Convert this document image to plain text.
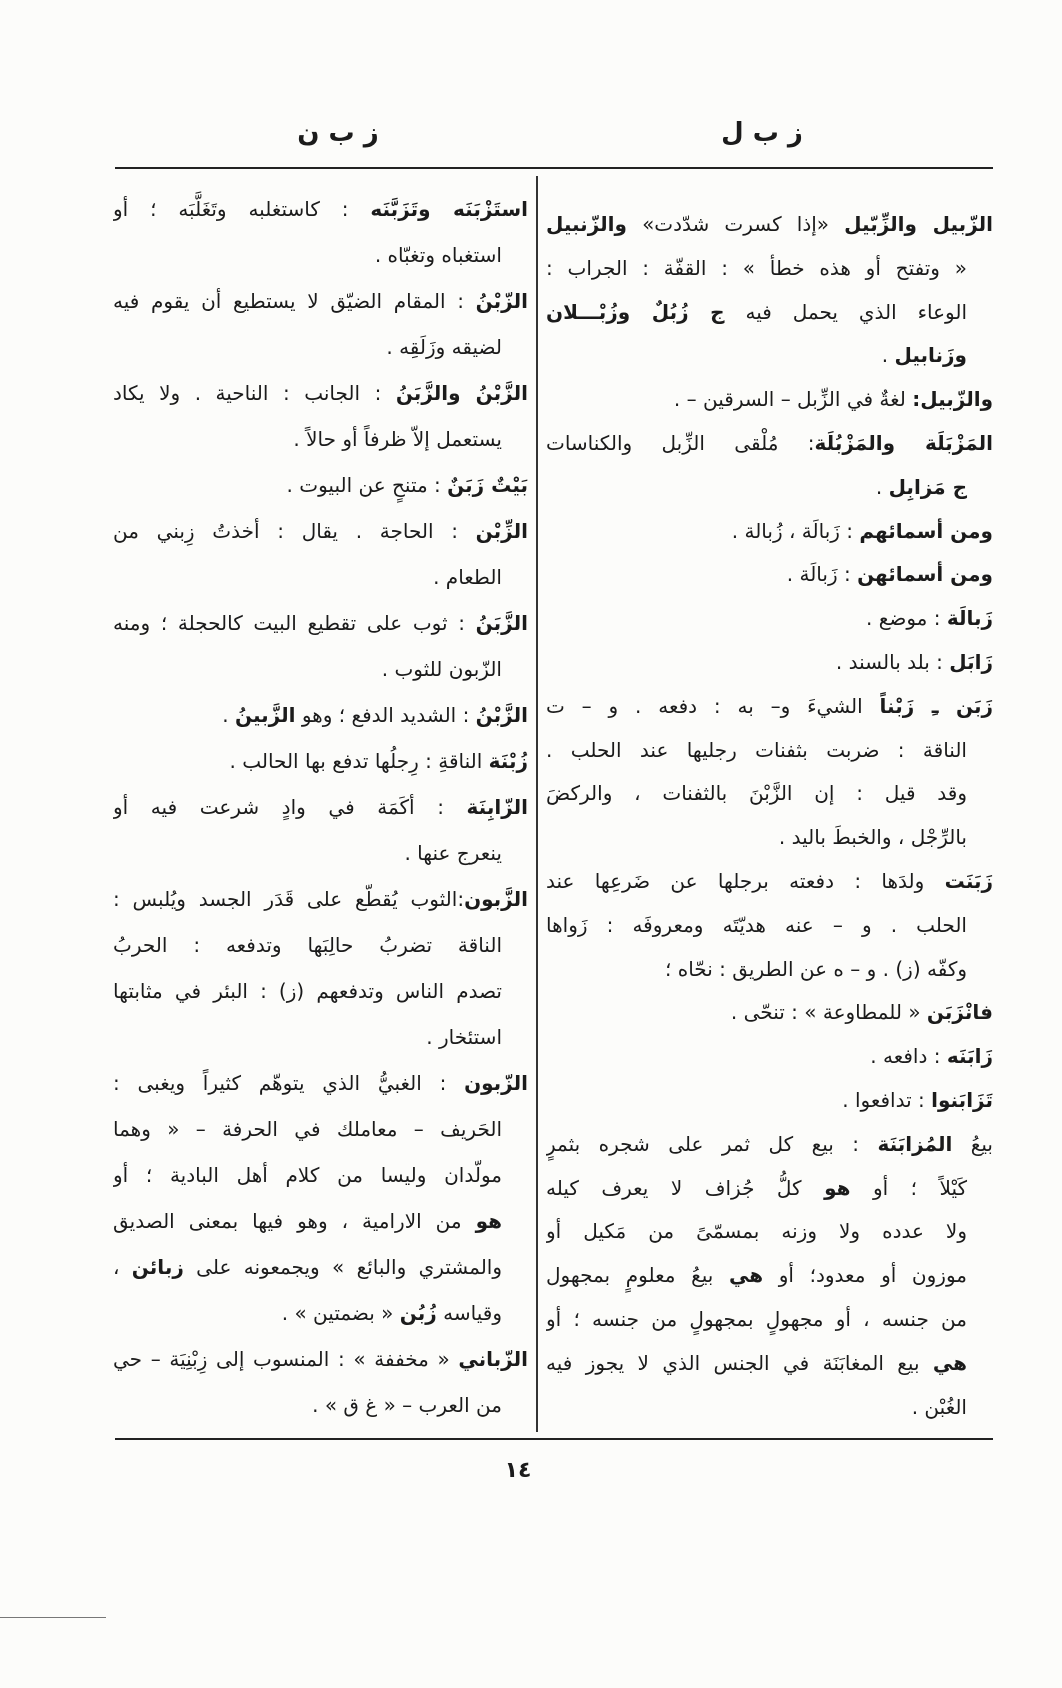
ز ب ل
ز ب ن
الزّبيل والزِّبّيل «إذا كسرت شدّدت» والزّنبيل
« وتفتح أو هذه خطأ » : القفّة : الجراب :
الوعاء الذي يحمل فيه ج زُبُلٌ وزُبْـــلان
وزَنابيل .
والزّبيل: لغةٌ في الزِّبل – السرقين – .
المَزْبَلَة والمَزْبُلَة: مُلْقى الزِّبل والكناسات
ج مَزابِل .
ومن أسمائهم : زَبالَة ، زُبالة .
ومن أسمائهن : زَبالَة .
زَبالَة : موضع .
زَابَل : بلد بالسند .
زَبَن ـِ زَبْناً الشيءَ و– به : دفعه . و – ت
الناقة : ضربت بثفنات رجليها عند الحلب .
وقد قيل : إن الزَّبْنَ بالثفنات ، والركضَ
بالرِّجْل ، والخبطَ باليد .
زَبَنَت ولدَها : دفعته برجلها عن ضَرعِها عند
الحلب . و – عنه هديّتَه ومعروفَه : زَواها
وكفّه (ز) . و – ه عن الطريق : نحّاه ؛
فانْزَبَن « للمطاوعة » : تنحّى .
زَابَنَه : دافعه .
تَزَابَنوا : تدافعوا .
بيعُ المُزابَنَة : بيع كل ثمر على شجره بثمرٍ
كَيْلاً ؛ أو هو كلُّ جُزاف لا يعرف كيله
ولا عدده ولا وزنه بمسمّىً من مَكيل أو
موزون أو معدود؛ أو هي بيعُ معلومٍ بمجهول
من جنسه ، أو مجهولٍ بمجهولٍ من جنسه ؛ أو
هي بيع المغابَنَة في الجنس الذي لا يجوز فيه
الغُبْن .
استَزْبَنَه وتَزَبَّنَه : كاستغلبه وتَغَلَّبَه ؛ أو
استغباه وتغبّاه .
الزّبْنُ : المقام الضيّق لا يستطيع أن يقوم فيه
لضيقه وزَلَقِه .
الزَّبْنُ والزَّبَنُ : الجانب : الناحية . ولا يكاد
يستعمل إلاّ ظرفاً أو حالاً .
بَيْتٌ زَبَنٌ : متنحٍ عن البيوت .
الزِّبْن : الحاجة . يقال : أخذتُ زِبني من
الطعام .
الزَّبَنُ : ثوب على تقطيع البيت كالحجلة ؛ ومنه
الزّبون للثوب .
الزَّبْنُ : الشديد الدفع ؛ وهو الزَّبينُ .
زُبْنَة الناقةِ : رِجلُها تدفع بها الحالب .
الزّابِنَة : أكَمَة في وادٍ شرعت فيه أو
ينعرج عنها .
الزَّبون:الثوب يُقطّع على قَدَر الجسد ويُلبس :
الناقة تضربُ حالِبَها وتدفعه : الحربُ
تصدم الناس وتدفعهم (ز) : البئر في مثابتها
استئخار .
الزّبون : الغبيُّ الذي يتوهّم كثيراً ويغبى :
الحَريف – معاملك في الحرفة – « وهما
مولّدان وليسا من كلام أهل البادية ؛ أو
هو من الارامية ، وهو فيها بمعنى الصديق
والمشتري والبائع » ويجمعونه على زبائن ،
وقياسه زُبُن « بضمتين » .
الزّباني « مخففة » : المنسوب إلى زِبْنِيَة – حي
من العرب – « غ ق » .
١٤
